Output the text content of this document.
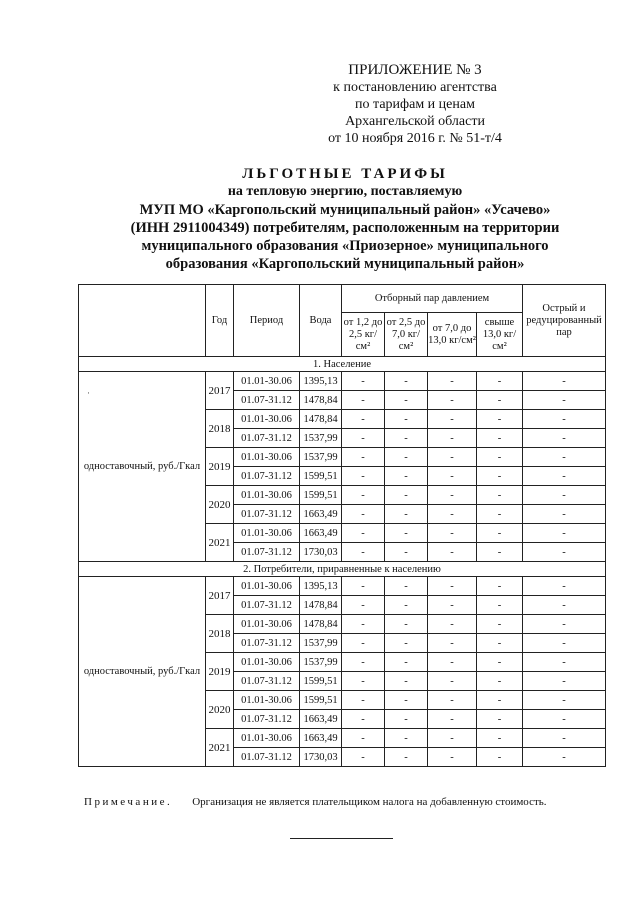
ПРИЛОЖЕНИЕ № 3
к постановлению агентства
по тарифам и ценам
Архангельской области
от 10 ноября 2016 г. № 51-т/4
ЛЬГОТНЫЕ ТАРИФЫ
на тепловую энергию, поставляемую
МУП МО «Каргопольский муниципальный район» «Усачево»
(ИНН 2911004349) потребителям, расположенным на территории
муниципального образования «Приозерное» муниципального
образования «Каргопольский муниципальный район»
·
	Год	Период	Вода	Отборный пар давлением				Острый и редуцированный пар
				от 1,2 до 2,5 кг/см²	от 2,5 до 7,0 кг/см²	от 7,0 до 13,0 кг/см²	свыше 13,0 кг/см²	
1. Население								
одноставочный, руб./Гкал	2017	01.01-30.06	1395,13	-	-	-	-	-
		01.07-31.12	1478,84	-	-	-	-	-
	2018	01.01-30.06	1478,84	-	-	-	-	-
		01.07-31.12	1537,99	-	-	-	-	-
	2019	01.01-30.06	1537,99	-	-	-	-	-
		01.07-31.12	1599,51	-	-	-	-	-
	2020	01.01-30.06	1599,51	-	-	-	-	-
		01.07-31.12	1663,49	-	-	-	-	-
	2021	01.01-30.06	1663,49	-	-	-	-	-
		01.07-31.12	1730,03	-	-	-	-	-
2. Потребители, приравненные к населению								
одноставочный, руб./Гкал	2017	01.01-30.06	1395,13	-	-	-	-	-
		01.07-31.12	1478,84	-	-	-	-	-
	2018	01.01-30.06	1478,84	-	-	-	-	-
		01.07-31.12	1537,99	-	-	-	-	-
	2019	01.01-30.06	1537,99	-	-	-	-	-
		01.07-31.12	1599,51	-	-	-	-	-
	2020	01.01-30.06	1599,51	-	-	-	-	-
		01.07-31.12	1663,49	-	-	-	-	-
	2021	01.01-30.06	1663,49	-	-	-	-	-
		01.07-31.12	1730,03	-	-	-	-	-
Примечание. Организация не является плательщиком налога на добавленную стоимость.
